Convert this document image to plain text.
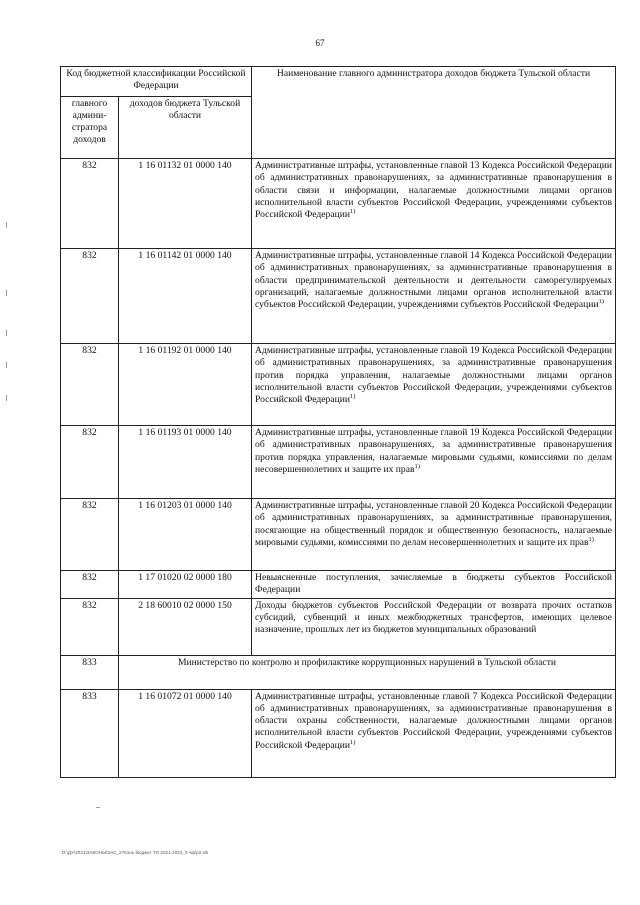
67
Код бюджетной классификации Российской Федерации		Наименование главного администратора доходов бюджета Тульской области
главного админи-стратора доходов	доходов бюджета Тульской области	
832	1 16 01132 01 0000 140	Административные штрафы, установленные главой 13 Кодекса Российской Федерации об административных правонарушениях, за административные правонарушения в области связи и информации, налагаемые должностными лицами органов исполнительной власти субъектов Российской Федерации, учреждениями субъектов Российской Федерации$^{1)}$
832	1 16 01142 01 0000 140	Административные штрафы, установленные главой 14 Кодекса Российской Федерации об административных правонарушениях, за административные правонарушения в области предпринимательской деятельности и деятельности саморегулируемых организаций, налагаемые должностными лицами органов исполнительной власти субъектов Российской Федерации, учреждениями субъектов Российской Федерации$^{1)}$
832	1 16 01192 01 0000 140	Административные штрафы, установленные главой 19 Кодекса Российской Федерации об административных правонарушениях, за административные правонарушения против порядка управления, налагаемые должностными лицами органов исполнительной власти субъектов Российской Федерации, учреждениями субъектов Российской Федерации$^{1)}$
832	1 16 01193 01 0000 140	Административные штрафы, установленные главой 19 Кодекса Российской Федерации об административных правонарушениях, за административные правонарушения против порядка управления, налагаемые мировыми судьями, комиссиями по делам несовершеннолетних и защите их прав$^{1)}$
832	1 16 01203 01 0000 140	Административные штрафы, установленные главой 20 Кодекса Российской Федерации об административных правонарушениях, за административные правонарушения, посягающие на общественный порядок и общественную безопасность, налагаемые мировыми судьями, комиссиями по делам несовершеннолетних и защите их прав$^{1)}$
832	1 17 01020 02 0000 180	Невыясненные поступления, зачисляемые в бюджеты субъектов Российской Федерации
832	2 18 60010 02 0000 150	Доходы бюджетов субъектов Российской Федерации от возврата прочих остатков субсидий, субвенций и иных межбюджетных трансфертов, имеющих целевое назначение, прошлых лет из бюджетов муниципальных образований
833	Министерство по контролю и профилактике коррупционных нарушений в Тульской области	
833	1 16 01072 01 0000 140	Административные штрафы, установленные главой 7 Кодекса Российской Федерации об административных правонарушениях, за административные правонарушения в области охраны собственности, налагаемые должностными лицами органов исполнительной власти субъектов Российской Федерации, учреждениями субъектов Российской Федерации$^{1)}$
D:\ДУ\2021\ЗАКОНЫ\ЗАС_2761нь бюджет ТО 2021-2023_3 чф\р2.xls
